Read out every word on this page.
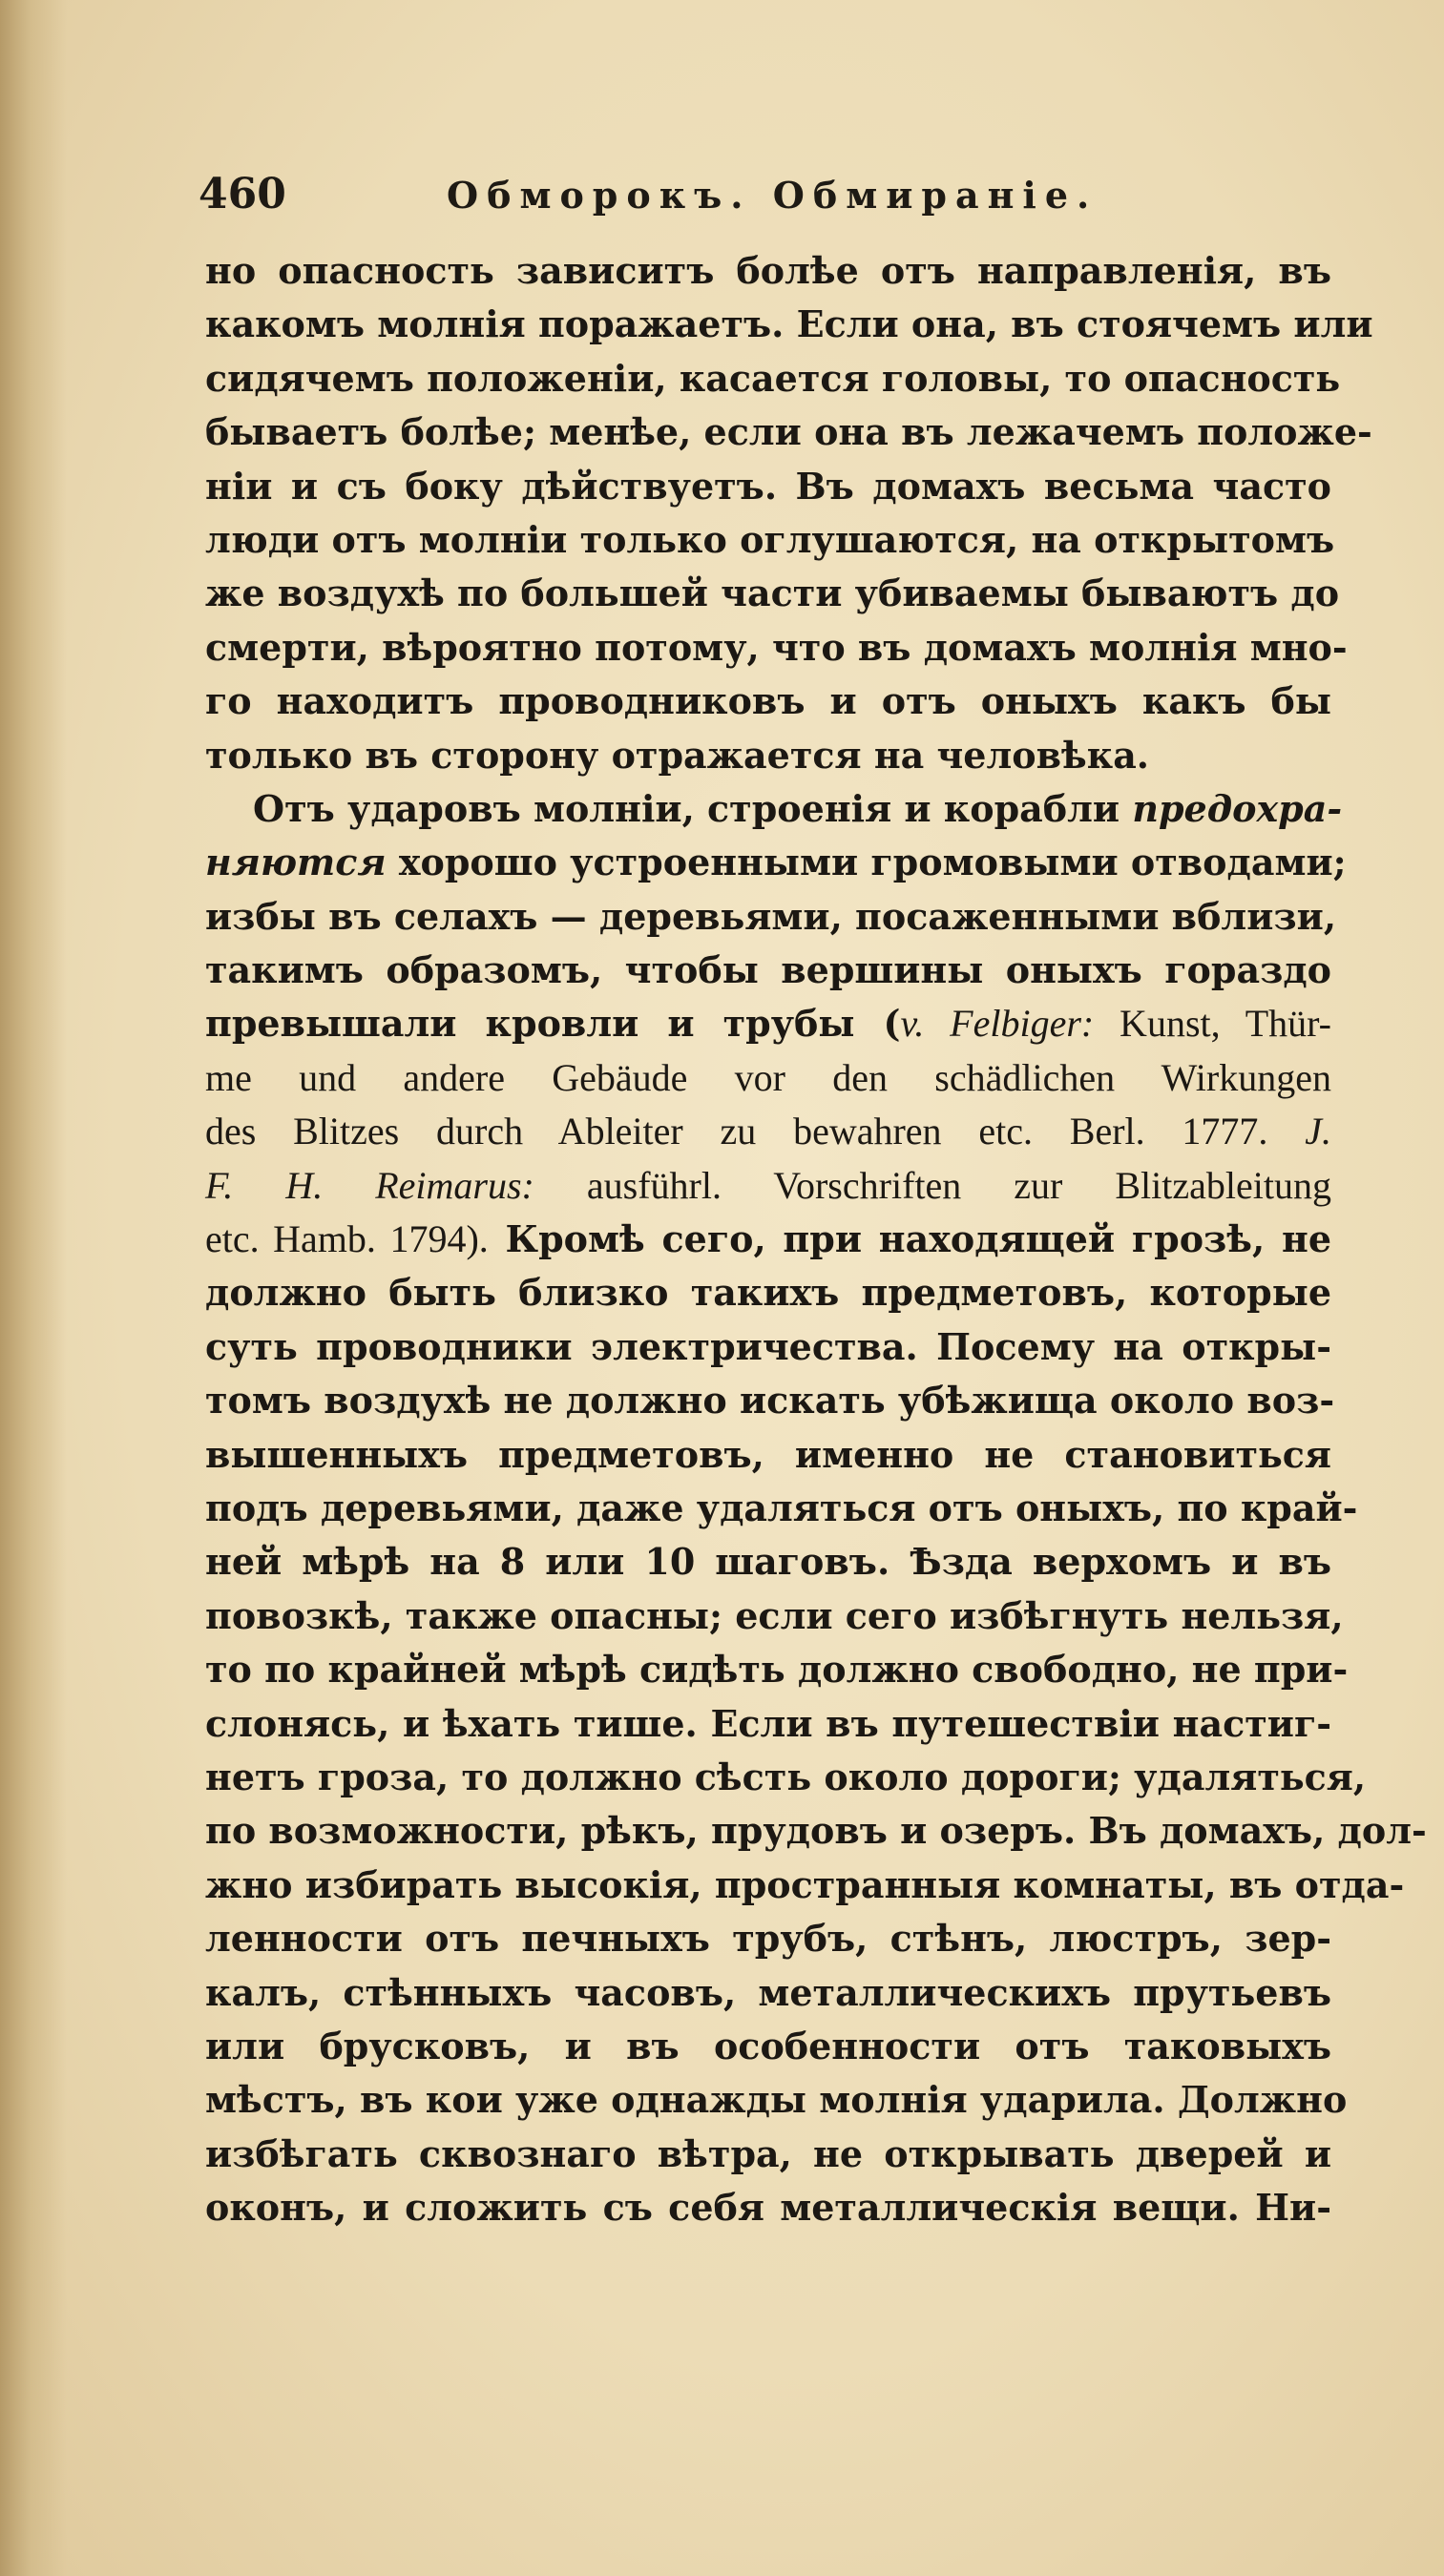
460	Обморокъ. Обмиранiе.
но опасность зависитъ болѣе отъ направленiя, въ
какомъ молнiя поражаетъ. Если она, въ стоячемъ или
сидячемъ положенiи, касается головы, то опасность
бываетъ болѣе; менѣе, если она въ лежачемъ положе-
нiи и съ боку дѣйствуетъ. Въ домахъ весьма часто
люди отъ молнiи только оглушаются, на открытомъ
же воздухѣ по большей части убиваемы бываютъ до
смерти, вѣроятно потому, что въ домахъ молнiя мно-
го находитъ проводниковъ и отъ оныхъ какъ бы
только въ сторону отражается на человѣка.
Отъ ударовъ молнiи, строенiя и корабли предохра-
няются хорошо устроенными громовыми отводами;
избы въ селахъ — деревьями, посаженными вблизи,
такимъ образомъ, чтобы вершины оныхъ гораздо
превышали кровли и трубы (v. Felbiger: Kunst, Thür-
me und andere Gebäude vor den schädlichen Wirkungen
des Blitzes durch Ableiter zu bewahren etc. Berl. 1777. J.
F. H. Reimarus: ausführl. Vorschriften zur Blitzableitung
etc. Hamb. 1794). Кромѣ сего, при находящей грозѣ, не
должно быть близко такихъ предметовъ, которые
суть проводники электричества. Посему на откры-
томъ воздухѣ не должно искать убѣжища около воз-
вышенныхъ предметовъ, именно не становиться
подъ деревьями, даже удаляться отъ оныхъ, по край-
ней мѣрѣ на 8 или 10 шаговъ. Ѣзда верхомъ и въ
повозкѣ, также опасны; если сего избѣгнуть нельзя,
то по крайней мѣрѣ сидѣть должно свободно, не при-
слонясь, и ѣхать тише. Если въ путешествiи настиг-
нетъ гроза, то должно сѣсть около дороги; удаляться,
по возможности, рѣкъ, прудовъ и озеръ. Въ домахъ, дол-
жно избирать высокiя, пространныя комнаты, въ отда-
ленности отъ печныхъ трубъ, стѣнъ, люстръ, зер-
калъ, стѣнныхъ часовъ, металлическихъ прутьевъ
или брусковъ, и въ особенности отъ таковыхъ
мѣстъ, въ кои уже однажды молнiя ударила. Должно
избѣгать сквознаго вѣтра, не открывать дверей и
оконъ, и сложить съ себя металлическiя вещи. Ни-
